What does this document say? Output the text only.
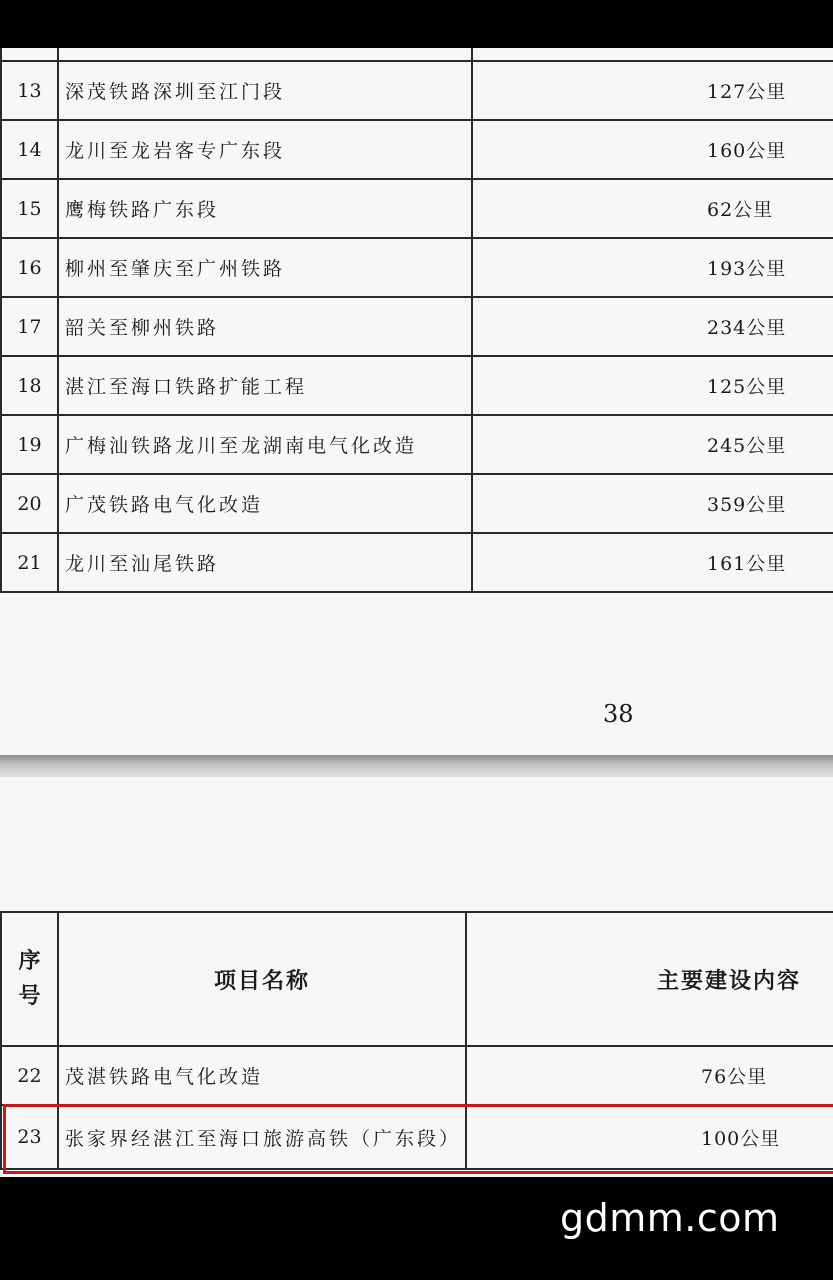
13	深茂铁路深圳至江门段	127公里
14	龙川至龙岩客专广东段	160公里
15	鹰梅铁路广东段	62公里
16	柳州至肇庆至广州铁路	193公里
17	韶关至柳州铁路	234公里
18	湛江至海口铁路扩能工程	125公里
19	广梅汕铁路龙川至龙湖南电气化改造	245公里
20	广茂铁路电气化改造	359公里
21	龙川至汕尾铁路	161公里
38
序
号	项目名称	主要建设内容
22	茂湛铁路电气化改造	76公里
23	张家界经湛江至海口旅游高铁（广东段）	100公里
gdmm.com
